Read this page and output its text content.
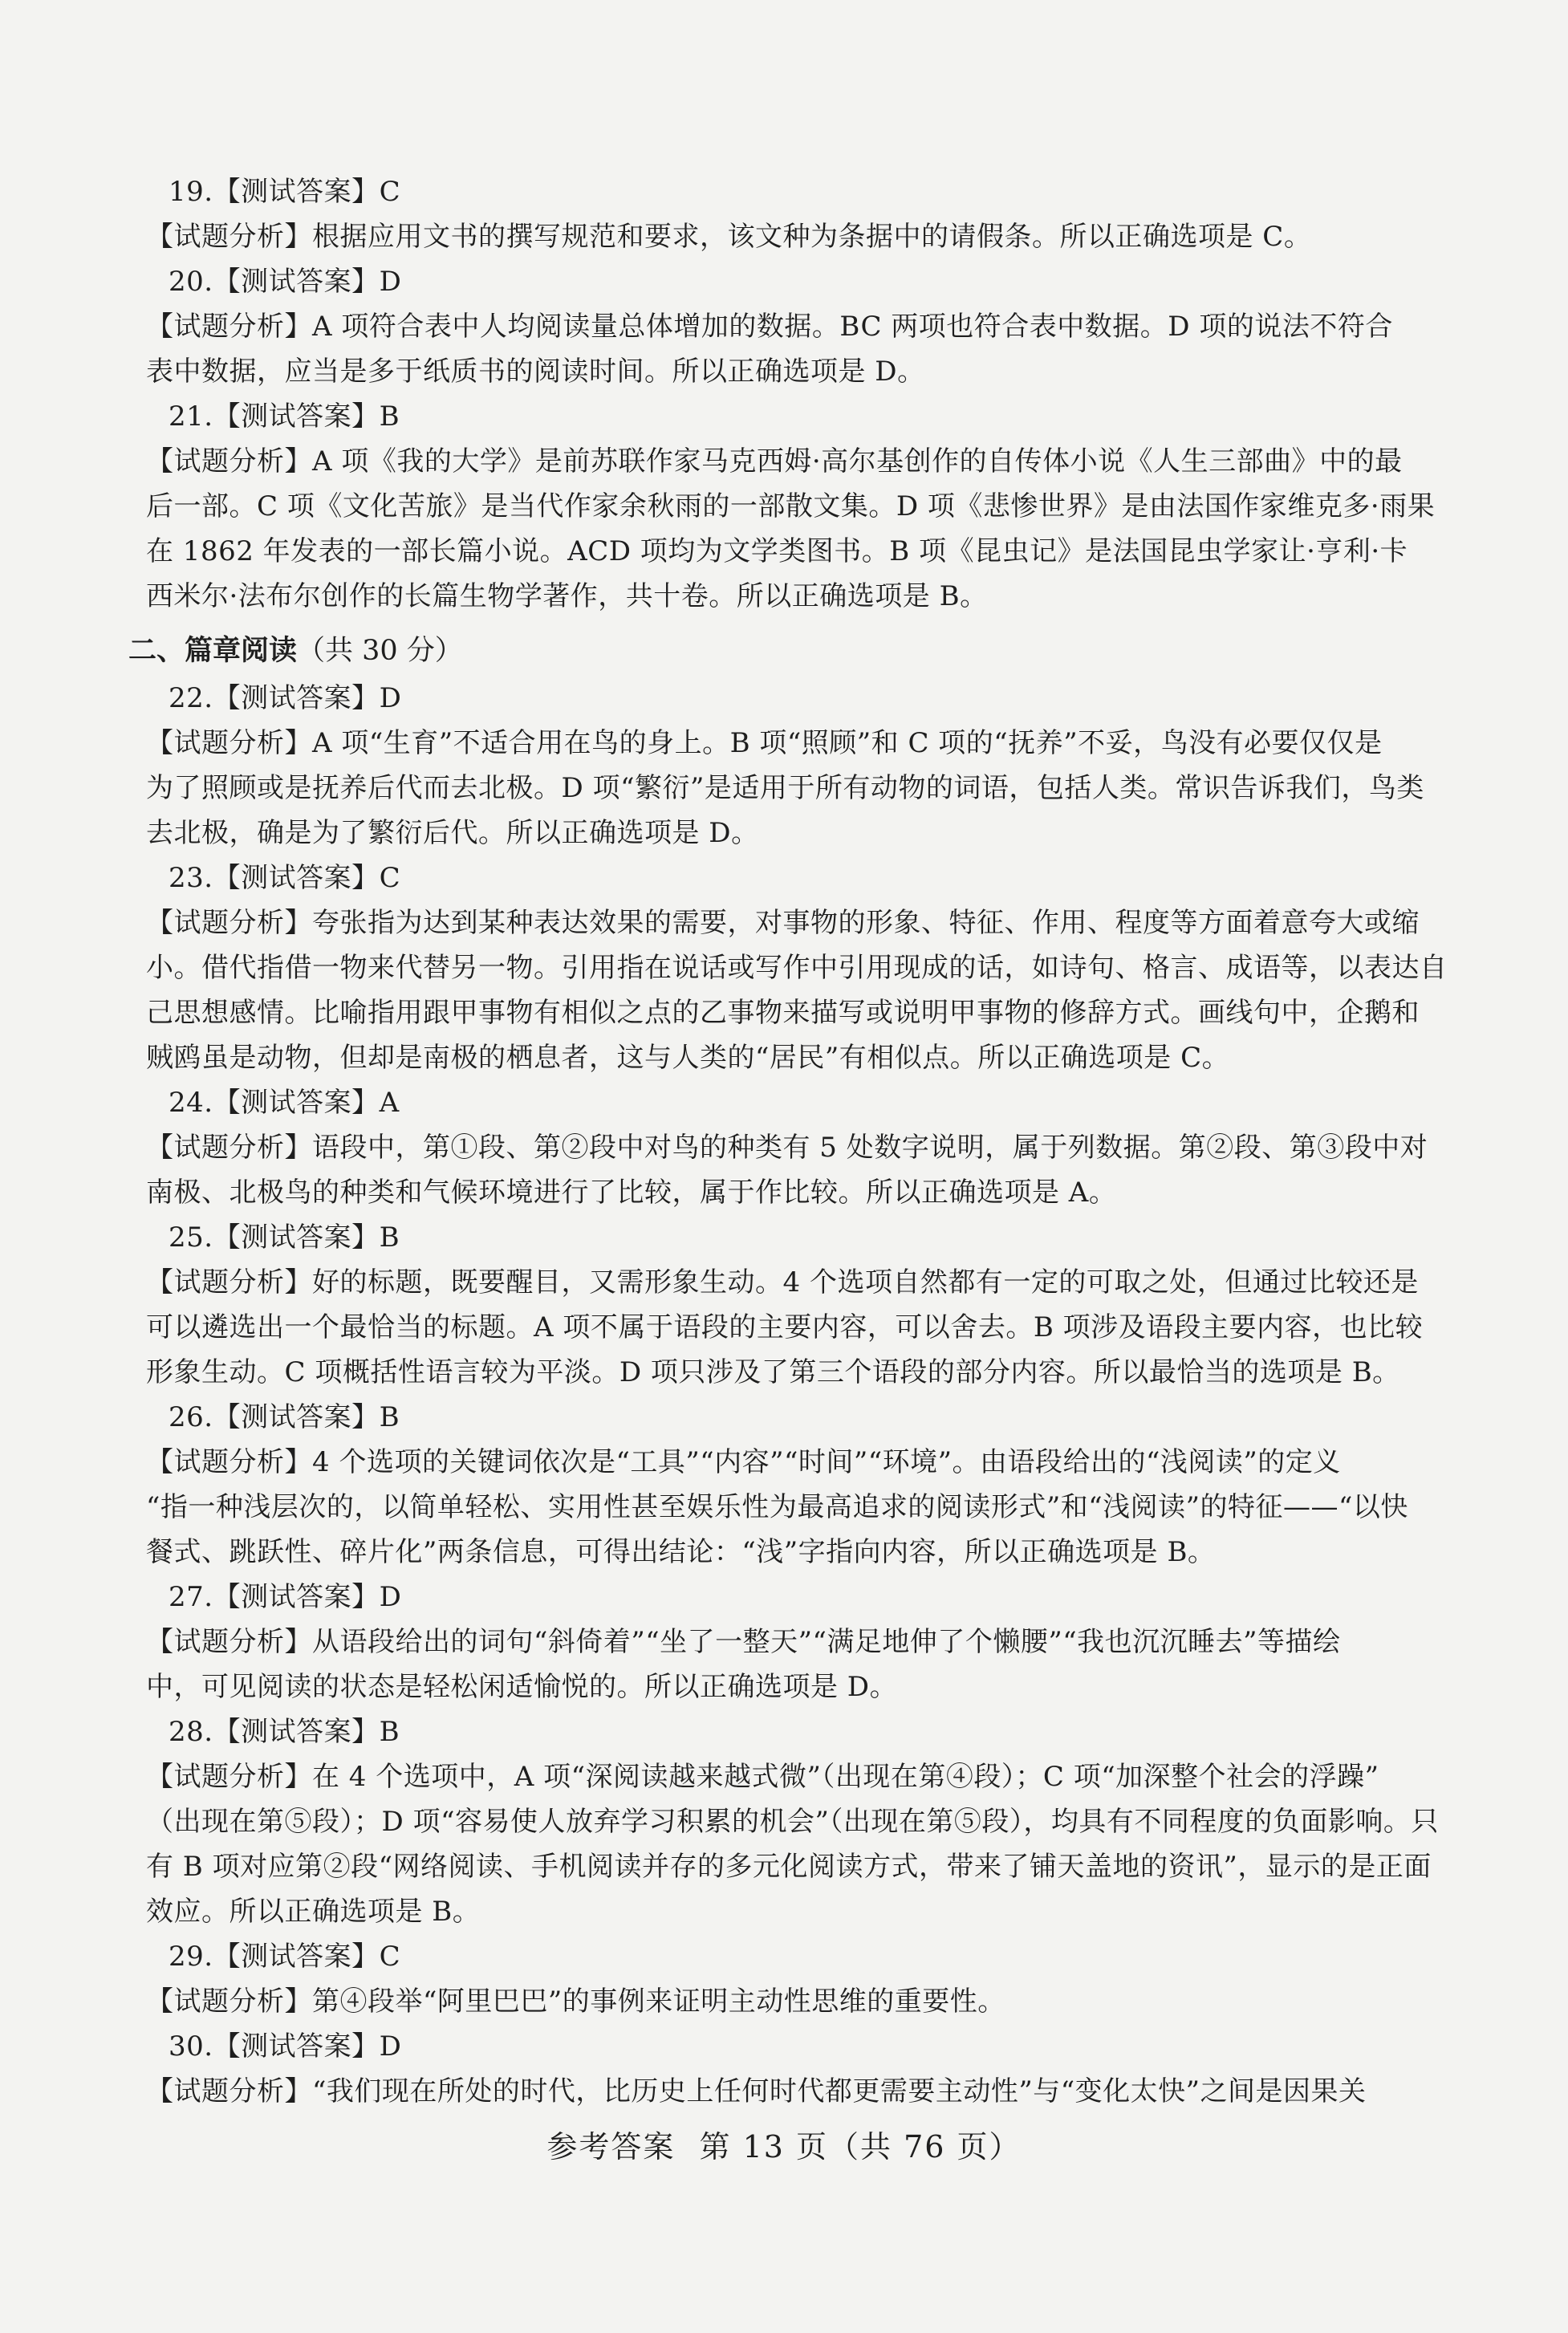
19.【测试答案】C
【试题分析】根据应用文书的撰写规范和要求，该文种为条据中的请假条。所以正确选项是 C。
20.【测试答案】D
【试题分析】A 项符合表中人均阅读量总体增加的数据。BC 两项也符合表中数据。D 项的说法不符合
表中数据，应当是多于纸质书的阅读时间。所以正确选项是 D。
21.【测试答案】B
【试题分析】A 项《我的大学》是前苏联作家马克西姆·高尔基创作的自传体小说《人生三部曲》中的最
后一部。C 项《文化苦旅》是当代作家余秋雨的一部散文集。D 项《悲惨世界》是由法国作家维克多·雨果
在 1862 年发表的一部长篇小说。ACD 项均为文学类图书。B 项《昆虫记》是法国昆虫学家让·亨利·卡
西米尔·法布尔创作的长篇生物学著作，共十卷。所以正确选项是 B。
二、篇章阅读（共 30 分）
22.【测试答案】D
【试题分析】A 项“生育”不适合用在鸟的身上。B 项“照顾”和 C 项的“抚养”不妥，鸟没有必要仅仅是
为了照顾或是抚养后代而去北极。D 项“繁衍”是适用于所有动物的词语，包括人类。常识告诉我们，鸟类
去北极，确是为了繁衍后代。所以正确选项是 D。
23.【测试答案】C
【试题分析】夸张指为达到某种表达效果的需要，对事物的形象、特征、作用、程度等方面着意夸大或缩
小。借代指借一物来代替另一物。引用指在说话或写作中引用现成的话，如诗句、格言、成语等，以表达自
己思想感情。比喻指用跟甲事物有相似之点的乙事物来描写或说明甲事物的修辞方式。画线句中，企鹅和
贼鸥虽是动物，但却是南极的栖息者，这与人类的“居民”有相似点。所以正确选项是 C。
24.【测试答案】A
【试题分析】语段中，第①段、第②段中对鸟的种类有 5 处数字说明，属于列数据。第②段、第③段中对
南极、北极鸟的种类和气候环境进行了比较，属于作比较。所以正确选项是 A。
25.【测试答案】B
【试题分析】好的标题，既要醒目，又需形象生动。4 个选项自然都有一定的可取之处，但通过比较还是
可以遴选出一个最恰当的标题。A 项不属于语段的主要内容，可以舍去。B 项涉及语段主要内容，也比较
形象生动。C 项概括性语言较为平淡。D 项只涉及了第三个语段的部分内容。所以最恰当的选项是 B。
26.【测试答案】B
【试题分析】4 个选项的关键词依次是“工具”“内容”“时间”“环境”。由语段给出的“浅阅读”的定义
“指一种浅层次的，以简单轻松、实用性甚至娱乐性为最高追求的阅读形式”和“浅阅读”的特征——“以快
餐式、跳跃性、碎片化”两条信息，可得出结论：“浅”字指向内容，所以正确选项是 B。
27.【测试答案】D
【试题分析】从语段给出的词句“斜倚着”“坐了一整天”“满足地伸了个懒腰”“我也沉沉睡去”等描绘
中，可见阅读的状态是轻松闲适愉悦的。所以正确选项是 D。
28.【测试答案】B
【试题分析】在 4 个选项中，A 项“深阅读越来越式微”（出现在第④段）；C 项“加深整个社会的浮躁”
（出现在第⑤段）；D 项“容易使人放弃学习积累的机会”（出现在第⑤段），均具有不同程度的负面影响。只
有 B 项对应第②段“网络阅读、手机阅读并存的多元化阅读方式，带来了铺天盖地的资讯”，显示的是正面
效应。所以正确选项是 B。
29.【测试答案】C
【试题分析】第④段举“阿里巴巴”的事例来证明主动性思维的重要性。
30.【测试答案】D
【试题分析】“我们现在所处的时代，比历史上任何时代都更需要主动性”与“变化太快”之间是因果关
参考答案 第 13 页（共 76 页）
